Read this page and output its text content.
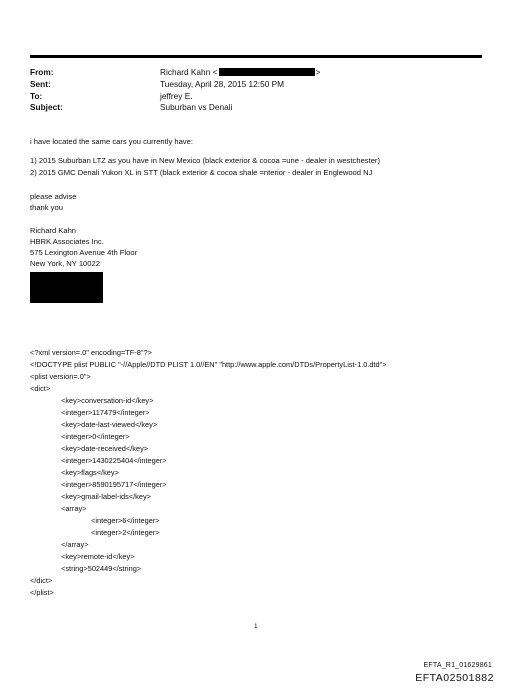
From:	Richard Kahn <	>
Sent:	Tuesday, April 28, 2015 12:50 PM
To:	jeffrey E.
Subject:	Suburban vs Denali
i have located the same cars you currently have:
1) 2015 Suburban LTZ as you have in New Mexico (black exterior & cocoa =une - dealer in westchester)
2) 2015 GMC Denali Yukon XL in STT (black exterior & cocoa shale =nterior - dealer in Englewood NJ
please advise
thank you
Richard Kahn
HBRK Associates Inc.
575 Lexington Avenue 4th Floor
New York, NY 10022
<?xml version=.0" encoding=TF-8"?>
<!DOCTYPE plist PUBLIC "-//Apple//DTD PLIST 1.0//EN" "http://www.apple.com/DTDs/PropertyList-1.0.dtd">
<plist version=.0">
<dict>
<key>conversation-id</key>
<integer>117479</integer>
<key>date-last-viewed</key>
<integer>0</integer>
<key>date-received</key>
<integer>1430225404</integer>
<key>flags</key>
<integer>8590195717</integer>
<key>gmail-label-ids</key>
<array>
<integer>6</integer>
<integer>2</integer>
</array>
<key>remote-id</key>
<string>502449</string>
</dict>
</plist>
1
EFTA_R1_01629861
EFTA02501882
